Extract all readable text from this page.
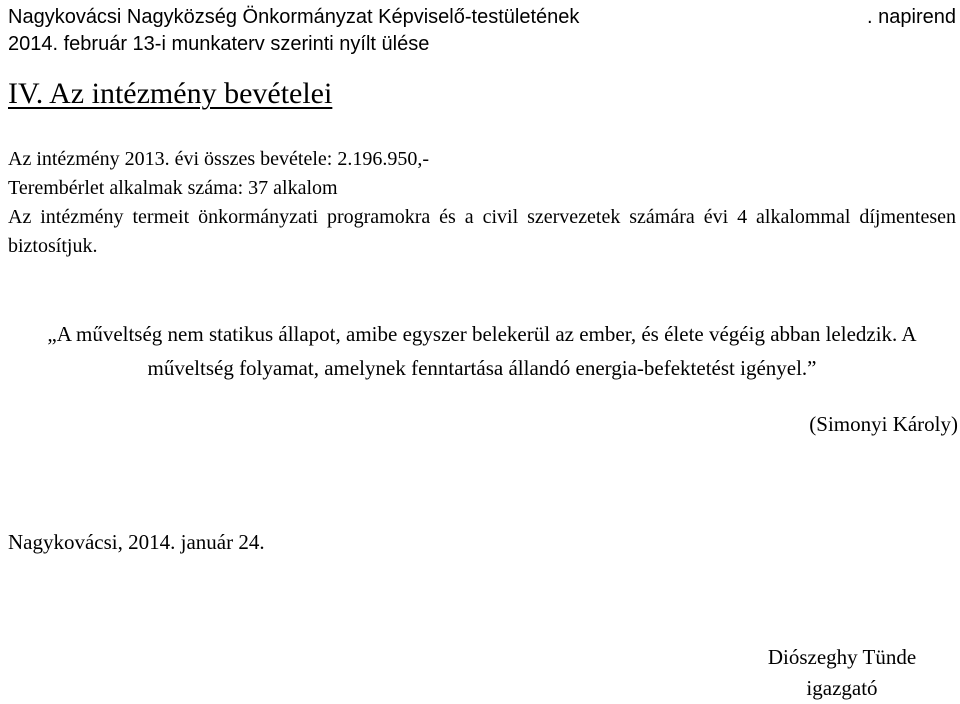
Nagykovácsi Nagyközség Önkormányzat Képviselő-testületének	. napirend
2014. február 13-i munkaterv szerinti nyílt ülése
IV. Az intézmény bevételei

Az intézmény 2013. évi összes bevétele: 2.196.950,-

Terembérlet alkalmak száma: 37 alkalom

Az intézmény termeit önkormányzati programokra és a civil szervezetek számára évi 4 alkalommal díjmentesen biztosítjuk.

„A műveltség nem statikus állapot, amibe egyszer belekerül az ember, és élete végéig abban leledzik. A műveltség folyamat, amelynek fenntartása állandó energia-befektetést igényel.”

(Simonyi Károly)
Nagykovácsi, 2014. január 24.
Diószeghy Tünde
igazgató
